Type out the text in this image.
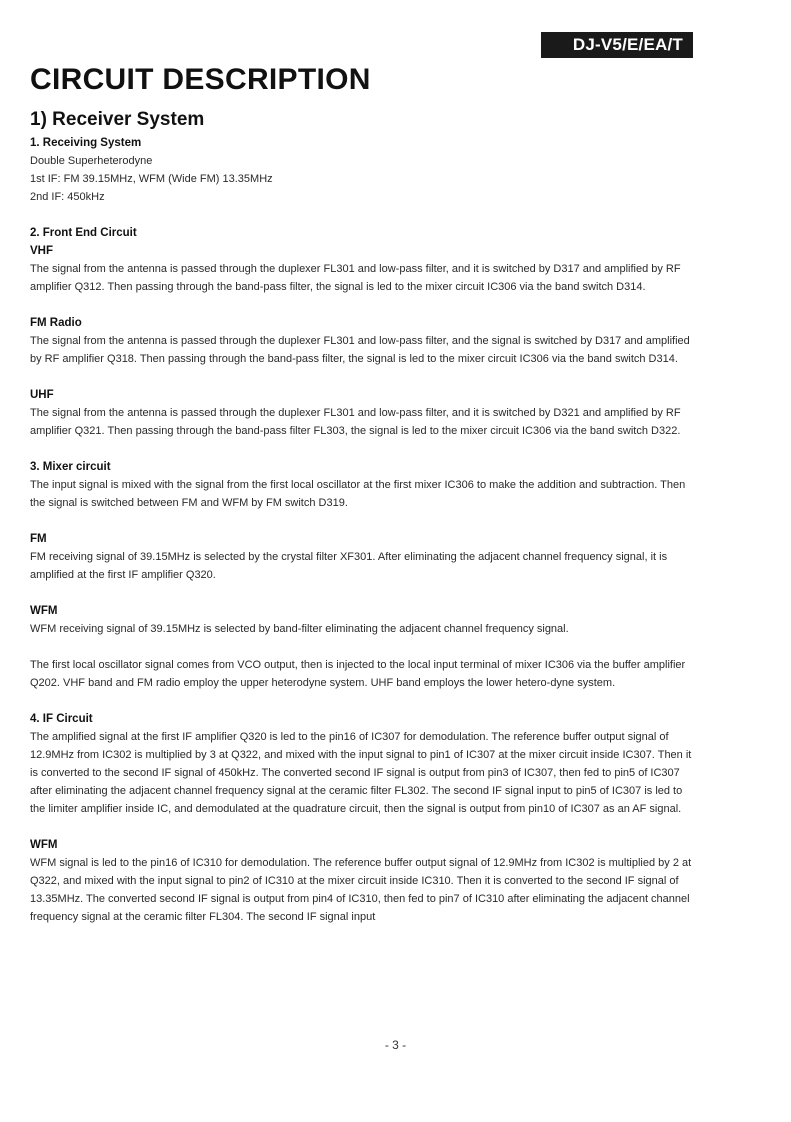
DJ-V5/E/EA/T
CIRCUIT DESCRIPTION
1) Receiver System

1. Receiving System

Double Superheterodyne

1st IF: FM 39.15MHz, WFM (Wide FM) 13.35MHz

2nd IF: 450kHz

2. Front End Circuit

VHF

The signal from the antenna is passed through the duplexer FL301 and low-pass filter, and it is switched by D317 and amplified by RF amplifier Q312. Then passing through the band-pass filter, the signal is led to the mixer circuit IC306 via the band switch D314.

FM Radio

The signal from the antenna is passed through the duplexer FL301 and low-pass filter, and the signal is switched by D317 and amplified by RF amplifier Q318. Then passing through the band-pass filter, the signal is led to the mixer circuit IC306 via the band switch D314.

UHF

The signal from the antenna is passed through the duplexer FL301 and low-pass filter, and it is switched by D321 and amplified by RF amplifier Q321. Then passing through the band-pass filter FL303, the signal is led to the mixer circuit IC306 via the band switch D322.

3. Mixer circuit

The input signal is mixed with the signal from the first local oscillator at the first mixer IC306 to make the addition and subtraction. Then the signal is switched between FM and WFM by FM switch D319.

FM

FM receiving signal of 39.15MHz is selected by the crystal filter XF301. After eliminating the adjacent channel frequency signal, it is amplified at the first IF amplifier Q320.

WFM

WFM receiving signal of 39.15MHz is selected by band-filter eliminating the adjacent channel frequency signal.

The first local oscillator signal comes from VCO output, then is injected to the local input terminal of mixer IC306 via the buffer amplifier Q202. VHF band and FM radio employ the upper heterodyne system. UHF band employs the lower hetero-dyne system.

4. IF Circuit

The amplified signal at the first IF amplifier Q320 is led to the pin16 of IC307 for demodulation. The reference buffer output signal of 12.9MHz from IC302 is multiplied by 3 at Q322, and mixed with the input signal to pin1 of IC307 at the mixer circuit inside IC307. Then it is converted to the second IF signal of 450kHz. The converted second IF signal is output from pin3 of IC307, then fed to pin5 of IC307 after eliminating the adjacent channel frequency signal at the ceramic filter FL302. The second IF signal input to pin5 of IC307 is led to the limiter amplifier inside IC, and demodulated at the quadrature circuit, then the signal is output from pin10 of IC307 as an AF signal.

WFM

WFM signal is led to the pin16 of IC310 for demodulation. The reference buffer output signal of 12.9MHz from IC302 is multiplied by 2 at Q322, and mixed with the input signal to pin2 of IC310 at the mixer circuit inside IC310. Then it is converted to the second IF signal of 13.35MHz. The converted second IF signal is output from pin4 of IC310, then fed to pin7 of IC310 after eliminating the adjacent channel frequency signal at the ceramic filter FL304. The second IF signal input

- 3 -
